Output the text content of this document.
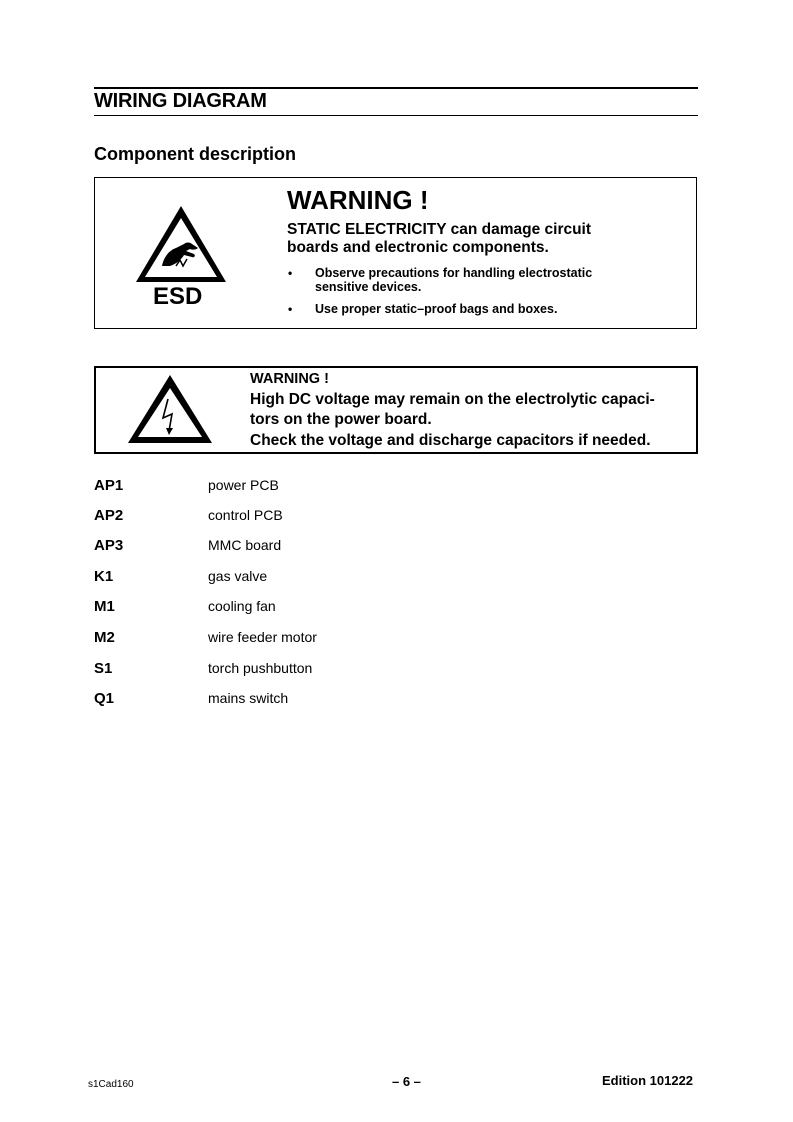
WIRING DIAGRAM
Component description
ESD
WARNING !
STATIC ELECTRICITY can damage circuit
boards and electronic components.
• Observe precautions for handling electrostatic
sensitive devices.
• Use proper static–proof bags and boxes.
WARNING !
High DC voltage may remain on the electrolytic capaci-
tors on the power board.
Check the voltage and discharge capacitors if needed.
AP1	power PCB
AP2	control PCB
AP3	MMC board
K1	gas valve
M1	cooling fan
M2	wire feeder motor
S1	torch pushbutton
Q1	mains switch
s1Cad160	– 6 –	Edition 101222
